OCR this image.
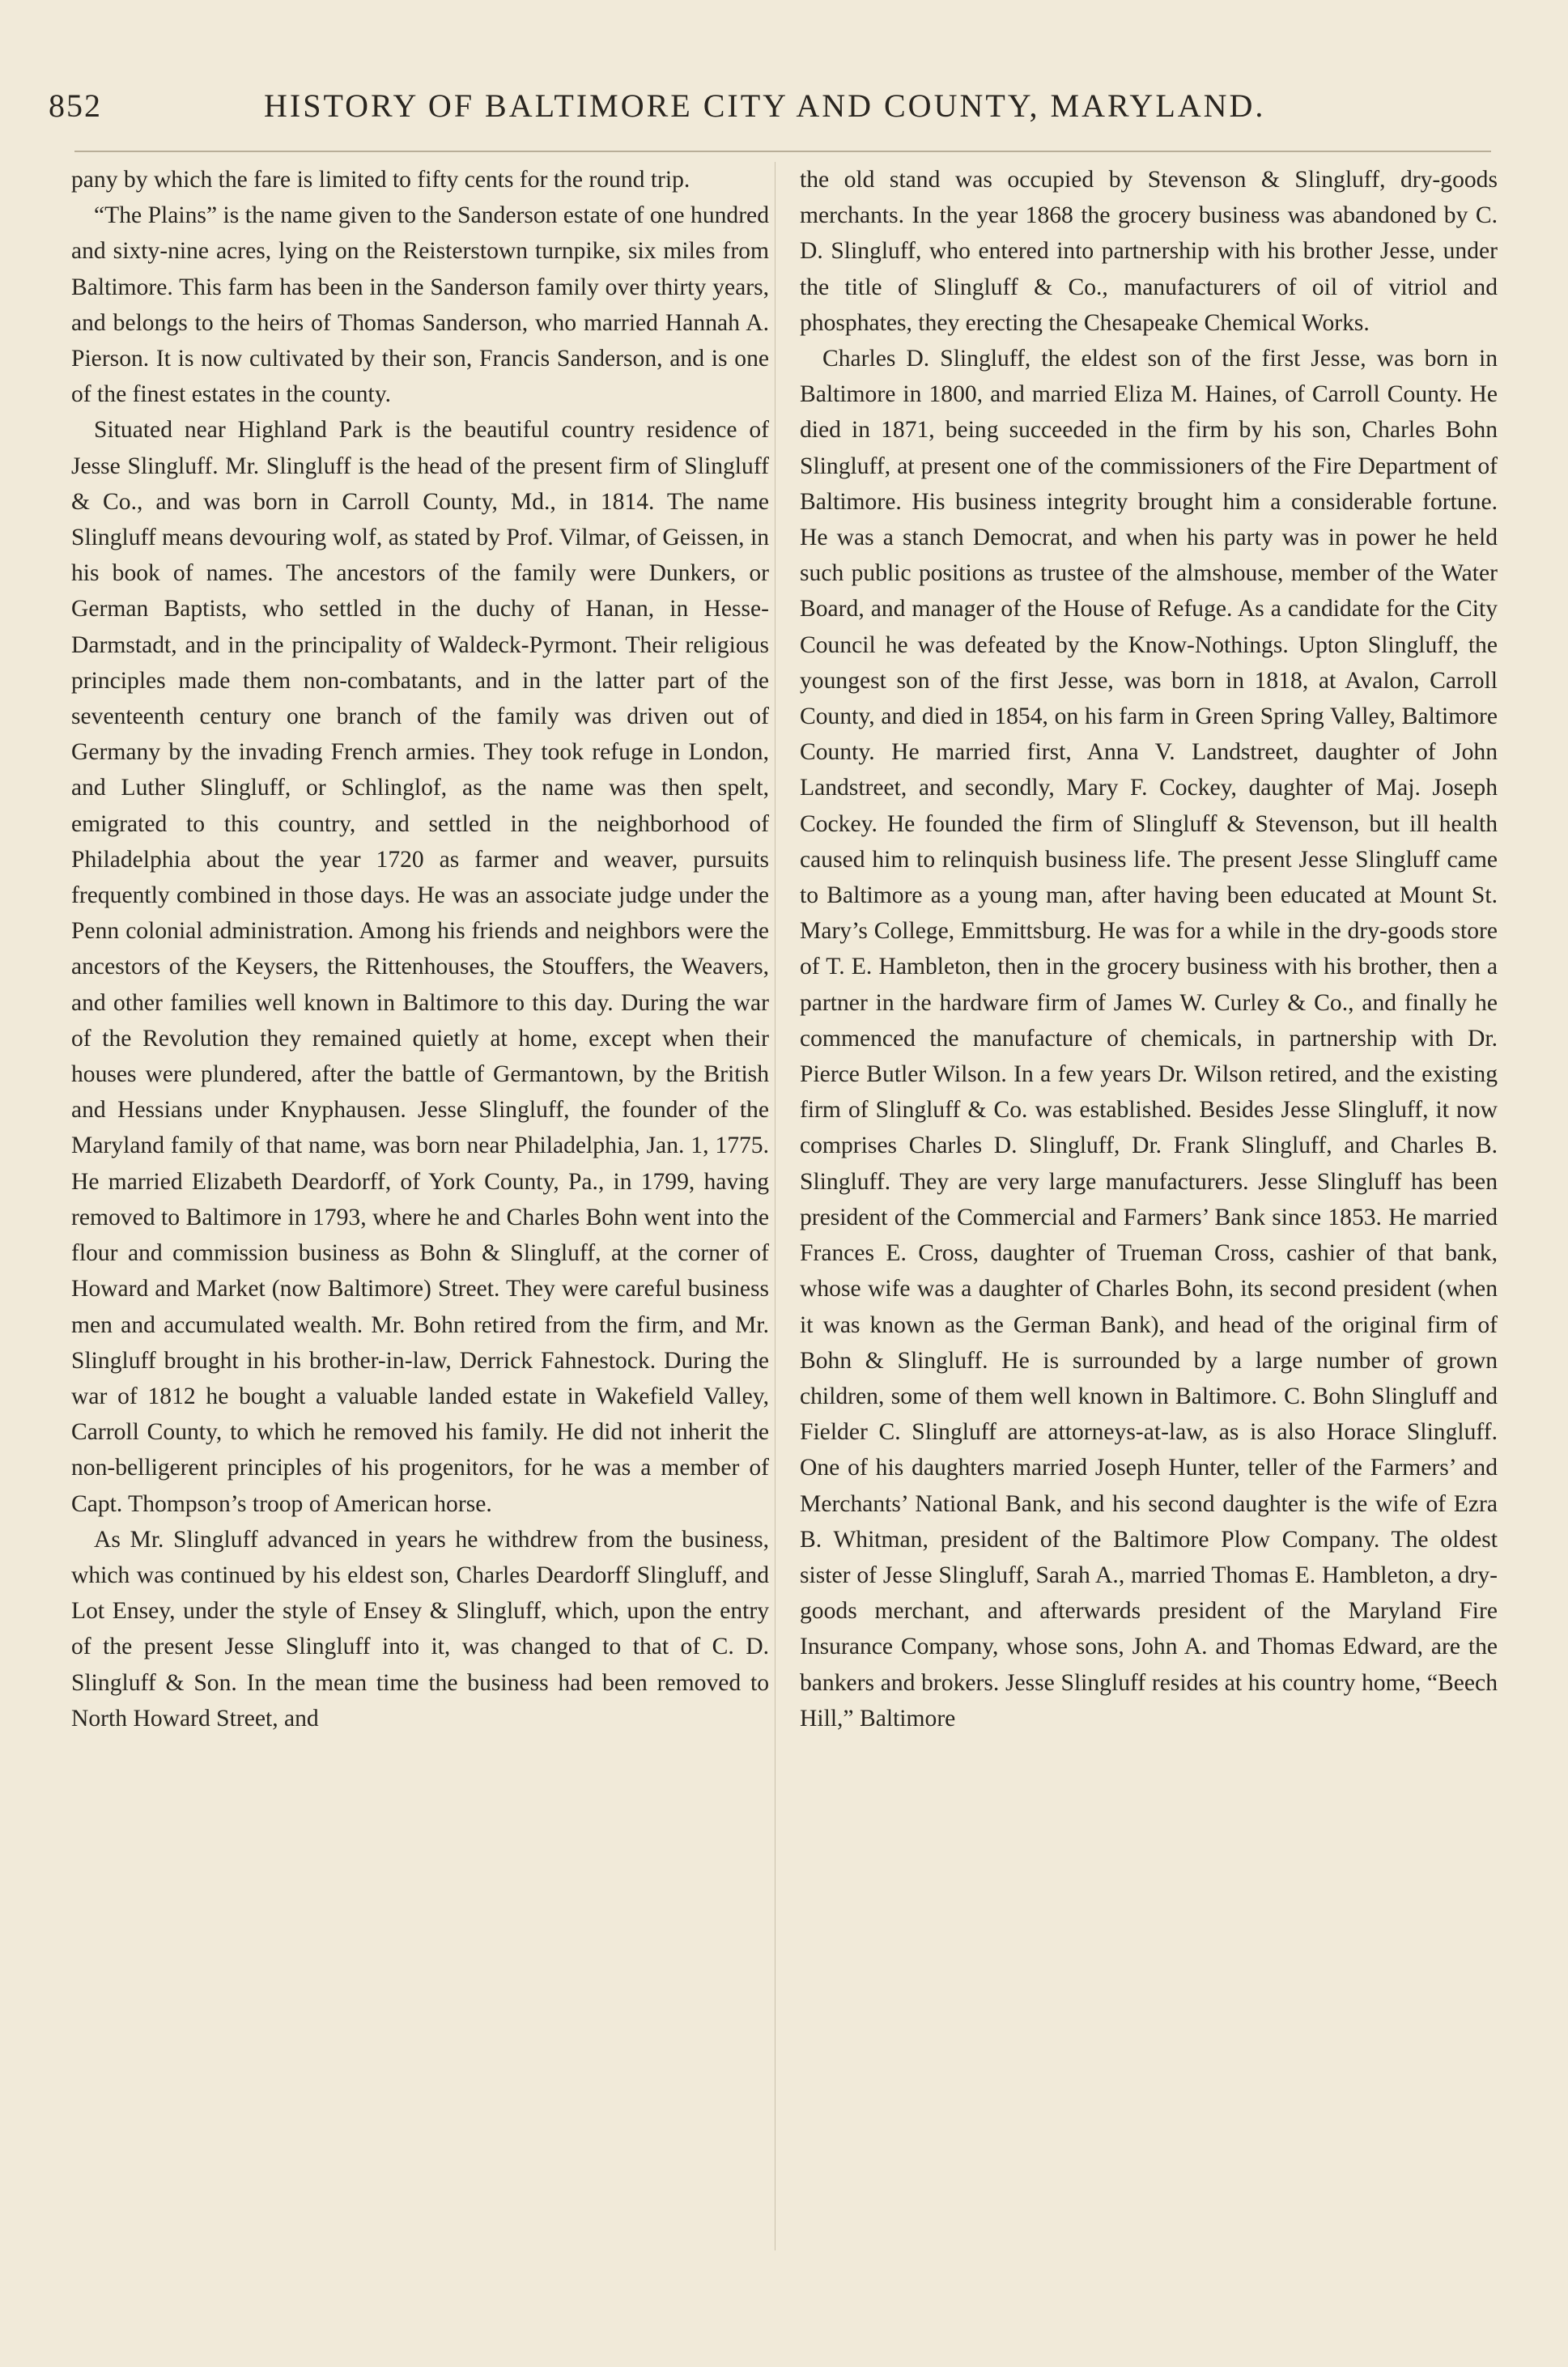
852	HISTORY OF BALTIMORE CITY AND COUNTY, MARYLAND.

pany by which the fare is limited to fifty cents for the round trip.

“The Plains” is the name given to the Sanderson estate of one hundred and sixty-nine acres, lying on the Reisterstown turnpike, six miles from Baltimore. This farm has been in the Sanderson family over thirty years, and belongs to the heirs of Thomas Sanderson, who married Hannah A. Pierson. It is now cultivated by their son, Francis Sanderson, and is one of the finest estates in the county.

Situated near Highland Park is the beautiful country residence of Jesse Slingluff. Mr. Slingluff is the head of the present firm of Slingluff & Co., and was born in Carroll County, Md., in 1814. The name Slingluff means devouring wolf, as stated by Prof. Vilmar, of Geissen, in his book of names. The ancestors of the family were Dunkers, or German Baptists, who settled in the duchy of Hanan, in Hesse-Darmstadt, and in the principality of Waldeck-Pyrmont. Their religious principles made them non-combatants, and in the latter part of the seventeenth century one branch of the family was driven out of Germany by the invading French armies. They took refuge in London, and Luther Slingluff, or Schlinglof, as the name was then spelt, emigrated to this country, and settled in the neighborhood of Philadelphia about the year 1720 as farmer and weaver, pursuits frequently combined in those days. He was an associate judge under the Penn colonial administration. Among his friends and neighbors were the ancestors of the Keysers, the Rittenhouses, the Stouffers, the Weavers, and other families well known in Baltimore to this day. During the war of the Revolution they remained quietly at home, except when their houses were plundered, after the battle of Germantown, by the British and Hessians under Knyphausen. Jesse Slingluff, the founder of the Maryland family of that name, was born near Philadelphia, Jan. 1, 1775. He married Elizabeth Deardorff, of York County, Pa., in 1799, having removed to Baltimore in 1793, where he and Charles Bohn went into the flour and commission business as Bohn & Slingluff, at the corner of Howard and Market (now Baltimore) Street. They were careful business men and accumulated wealth. Mr. Bohn retired from the firm, and Mr. Slingluff brought in his brother-in-law, Derrick Fahnestock. During the war of 1812 he bought a valuable landed estate in Wakefield Valley, Carroll County, to which he removed his family. He did not inherit the non-belligerent principles of his progenitors, for he was a member of Capt. Thompson’s troop of American horse.

As Mr. Slingluff advanced in years he withdrew from the business, which was continued by his eldest son, Charles Deardorff Slingluff, and Lot Ensey, under the style of Ensey & Slingluff, which, upon the entry of the present Jesse Slingluff into it, was changed to that of C. D. Slingluff & Son. In the mean time the business had been removed to North Howard Street, and

the old stand was occupied by Stevenson & Slingluff, dry-goods merchants. In the year 1868 the grocery business was abandoned by C. D. Slingluff, who entered into partnership with his brother Jesse, under the title of Slingluff & Co., manufacturers of oil of vitriol and phosphates, they erecting the Chesapeake Chemical Works.

Charles D. Slingluff, the eldest son of the first Jesse, was born in Baltimore in 1800, and married Eliza M. Haines, of Carroll County. He died in 1871, being succeeded in the firm by his son, Charles Bohn Slingluff, at present one of the commissioners of the Fire Department of Baltimore. His business integrity brought him a considerable fortune. He was a stanch Democrat, and when his party was in power he held such public positions as trustee of the almshouse, member of the Water Board, and manager of the House of Refuge. As a candidate for the City Council he was defeated by the Know-Nothings. Upton Slingluff, the youngest son of the first Jesse, was born in 1818, at Avalon, Carroll County, and died in 1854, on his farm in Green Spring Valley, Baltimore County. He married first, Anna V. Landstreet, daughter of John Landstreet, and secondly, Mary F. Cockey, daughter of Maj. Joseph Cockey. He founded the firm of Slingluff & Stevenson, but ill health caused him to relinquish business life. The present Jesse Slingluff came to Baltimore as a young man, after having been educated at Mount St. Mary’s College, Emmittsburg. He was for a while in the dry-goods store of T. E. Hambleton, then in the grocery business with his brother, then a partner in the hardware firm of James W. Curley & Co., and finally he commenced the manufacture of chemicals, in partnership with Dr. Pierce Butler Wilson. In a few years Dr. Wilson retired, and the existing firm of Slingluff & Co. was established. Besides Jesse Slingluff, it now comprises Charles D. Slingluff, Dr. Frank Slingluff, and Charles B. Slingluff. They are very large manufacturers. Jesse Slingluff has been president of the Commercial and Farmers’ Bank since 1853. He married Frances E. Cross, daughter of Trueman Cross, cashier of that bank, whose wife was a daughter of Charles Bohn, its second president (when it was known as the German Bank), and head of the original firm of Bohn & Slingluff. He is surrounded by a large number of grown children, some of them well known in Baltimore. C. Bohn Slingluff and Fielder C. Slingluff are attorneys-at-law, as is also Horace Slingluff. One of his daughters married Joseph Hunter, teller of the Farmers’ and Merchants’ National Bank, and his second daughter is the wife of Ezra B. Whitman, president of the Baltimore Plow Company. The oldest sister of Jesse Slingluff, Sarah A., married Thomas E. Hambleton, a dry-goods merchant, and afterwards president of the Maryland Fire Insurance Company, whose sons, John A. and Thomas Edward, are the bankers and brokers. Jesse Slingluff resides at his country home, “Beech Hill,” Baltimore
